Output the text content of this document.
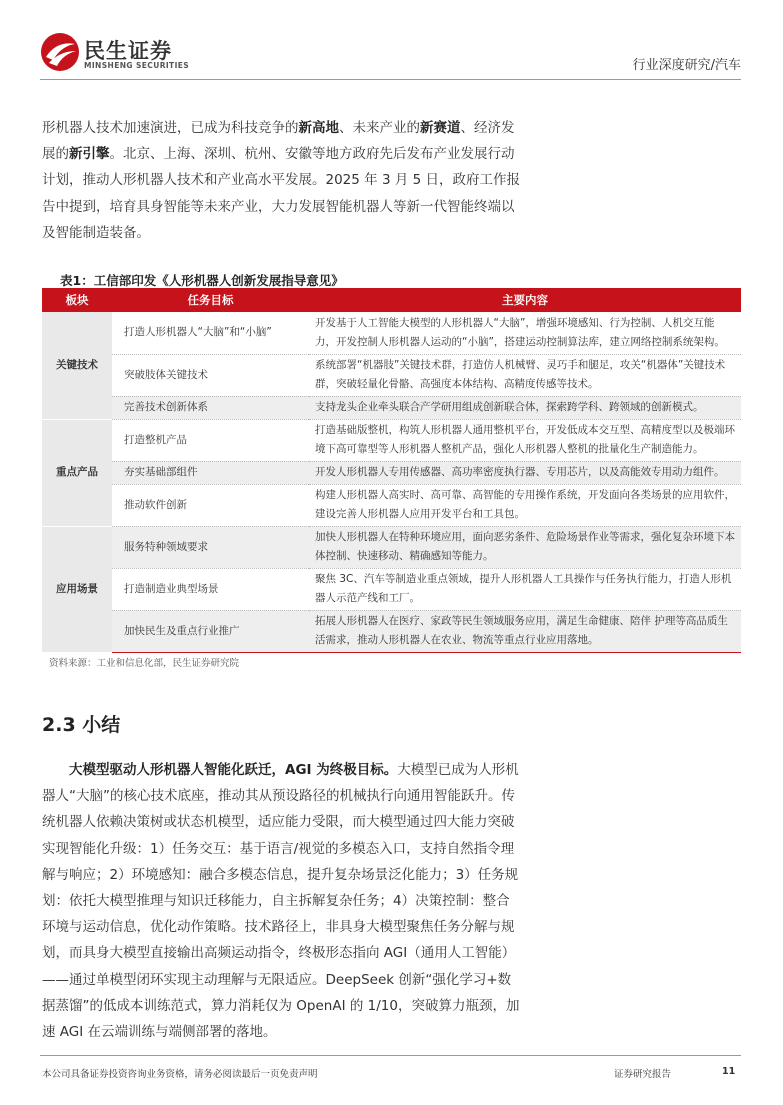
民生证券
MINSHENG SECURITIES	行业深度研究/汽车
形机器人技术加速演进，已成为科技竞争的新高地、未来产业的新赛道、经济发展的新引擎。北京、上海、深圳、杭州、安徽等地方政府先后发布产业发展行动计划，推动人形机器人技术和产业高水平发展。2025 年 3 月 5 日，政府工作报告中提到，培育具身智能等未来产业，大力发展智能机器人等新一代智能终端以及智能制造装备。
表1：工信部印发《人形机器人创新发展指导意见》
板块	任务目标	主要内容
关键技术	打造人形机器人“大脑”和“小脑”	开发基于人工智能大模型的人形机器人“大脑”，增强环境感知、行为控制、人机交互能力，开发控制人形机器人运动的“小脑”，搭建运动控制算法库，建立网络控制系统架构。
	突破肢体关键技术	系统部署“机器肢”关键技术群，打造仿人机械臂、灵巧手和腿足，攻关“机器体”关键技术群，突破轻量化骨骼、高强度本体结构、高精度传感等技术。
	完善技术创新体系	支持龙头企业牵头联合产学研用组成创新联合体，探索跨学科、跨领域的创新模式。
重点产品	打造整机产品	打造基础版整机，构筑人形机器人通用整机平台，开发低成本交互型、高精度型以及极端环境下高可靠型等人形机器人整机产品，强化人形机器人整机的批量化生产制造能力。
	夯实基础部组件	开发人形机器人专用传感器、高功率密度执行器、专用芯片，以及高能效专用动力组件。
	推动软件创新	构建人形机器人高实时、高可靠、高智能的专用操作系统，开发面向各类场景的应用软件，建设完善人形机器人应用开发平台和工具包。
应用场景	服务特种领域要求	加快人形机器人在特种环境应用，面向恶劣条件、危险场景作业等需求，强化复杂环境下本体控制、快速移动、精确感知等能力。
	打造制造业典型场景	聚焦 3C、汽车等制造业重点领域，提升人形机器人工具操作与任务执行能力，打造人形机器人示范产线和工厂。
	加快民生及重点行业推广	拓展人形机器人在医疗、家政等民生领域服务应用，满足生命健康、陪伴 护理等高品质生活需求，推动人形机器人在农业、物流等重点行业应用落地。
资料来源：工业和信息化部，民生证券研究院
2.3 小结
大模型驱动人形机器人智能化跃迁，AGI 为终极目标。大模型已成为人形机器人“大脑”的核心技术底座，推动其从预设路径的机械执行向通用智能跃升。传统机器人依赖决策树或状态机模型，适应能力受限，而大模型通过四大能力突破实现智能化升级：1）任务交互：基于语言/视觉的多模态入口，支持自然指令理解与响应；2）环境感知：融合多模态信息，提升复杂场景泛化能力；3）任务规划：依托大模型推理与知识迁移能力，自主拆解复杂任务；4）决策控制：整合环境与运动信息，优化动作策略。技术路径上，非具身大模型聚焦任务分解与规划，而具身大模型直接输出高频运动指令，终极形态指向 AGI（通用人工智能）——通过单模型闭环实现主动理解与无限适应。DeepSeek 创新“强化学习+数据蒸馏”的低成本训练范式，算力消耗仅为 OpenAI 的 1/10，突破算力瓶颈，加速 AGI 在云端训练与端侧部署的落地。
本公司具备证券投资咨询业务资格，请务必阅读最后一页免责声明	证券研究报告	11
